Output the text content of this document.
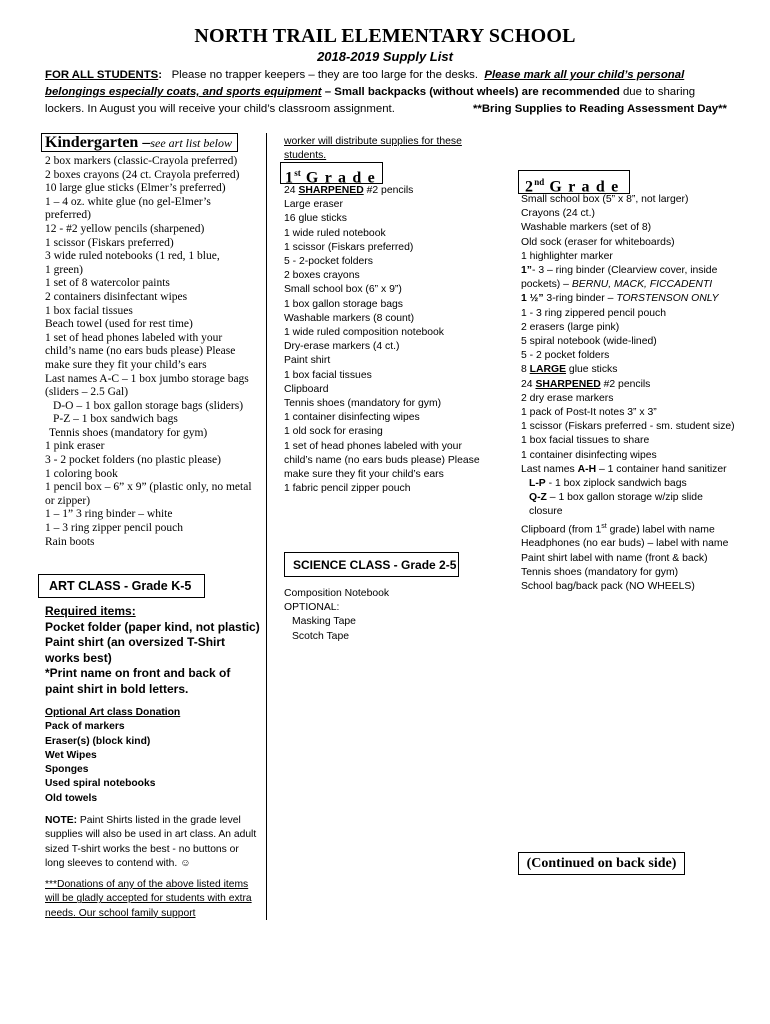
NORTH TRAIL ELEMENTARY SCHOOL
2018-2019 Supply List
FOR ALL STUDENTS:   Please no trapper keepers – they are too large for the desks.  Please mark all your child’s personal belongings especially coats, and sports equipment – Small backpacks (without wheels) are recommended due to sharing lockers. In August you will receive your child’s classroom assignment.	**Bring Supplies to Reading Assessment Day**
Kindergarten –see art list below
2 box markers (classic-Crayola preferred)
2 boxes crayons (24 ct. Crayola preferred)
10 large glue sticks (Elmer’s preferred)
1 – 4 oz. white glue (no gel-Elmer’s
preferred)
12 - #2 yellow pencils (sharpened)
1 scissor (Fiskars preferred)
3 wide ruled notebooks (1 red, 1 blue,
1 green)
1 set of 8 watercolor paints
2 containers disinfectant wipes
1 box facial tissues
Beach towel (used for rest time)
1 set of head phones labeled with your
child’s name (no ears buds please) Please
make sure they fit your child’s ears
Last names A-C – 1 box jumbo storage bags
(sliders – 2.5 Gal)
D-O – 1 box gallon storage bags (sliders)
P-Z – 1 box sandwich bags
Tennis shoes (mandatory for gym)
1 pink eraser
3 - 2 pocket folders (no plastic please)
1 coloring book
1 pencil box – 6” x 9” (plastic only, no metal
or zipper)
1 – 1” 3 ring binder – white
1 – 3 ring zipper pencil pouch
Rain boots
ART CLASS - Grade K-5
Required items:
Pocket folder (paper kind, not plastic)
Paint shirt (an oversized T-Shirt works best)
*Print name on front and back of paint shirt in bold letters.
Optional Art class Donation
Pack of markers
Eraser(s) (block kind)
Wet Wipes
Sponges
Used spiral notebooks
Old towels
NOTE: Paint Shirts listed in the grade level supplies will also be used in art class. An adult sized T-shirt works the best - no buttons or long sleeves to contend with. ☺
***Donations of any of the above listed items will be gladly accepted for students with extra needs. Our school family support
worker will distribute supplies for these students.
1st G r a d e
24 SHARPENED #2 pencils
Large eraser
16 glue sticks
1 wide ruled notebook
1 scissor (Fiskars preferred)
5 - 2-pocket folders
2 boxes crayons
Small school box (6” x 9”)
1 box gallon storage bags
Washable markers (8 count)
1 wide ruled composition notebook
Dry-erase markers (4 ct.)
Paint shirt
1 box facial tissues
Clipboard
Tennis shoes (mandatory for gym)
1 container disinfecting wipes
1 old sock for erasing
1 set of head phones labeled with your child’s name (no ears buds please) Please make sure they fit your child’s ears
1 fabric pencil zipper pouch
SCIENCE CLASS - Grade 2-5
Composition Notebook
OPTIONAL:
Masking Tape
Scotch Tape
2nd G r a d e
Small school box (5” x 8”, not larger)
Crayons (24 ct.)
Washable markers (set of 8)
Old sock (eraser for whiteboards)
1 highlighter marker
1”- 3 – ring binder (Clearview cover, inside pockets) – BERNU, MACK, FICCADENTI
1 ½” 3-ring binder – TORSTENSON ONLY
1 - 3 ring zippered pencil pouch
2 erasers (large pink)
5 spiral notebook (wide-lined)
5 - 2 pocket folders
8 LARGE glue sticks
24 SHARPENED #2 pencils
2 dry erase markers
1 pack of Post-It notes 3” x 3”
1 scissor (Fiskars preferred - sm. student size)
1 box facial tissues to share
1 container disinfecting wipes
Last names A-H – 1 container hand sanitizer
L-P - 1 box ziplock sandwich bags
Q-Z – 1 box gallon storage w/zip slide closure
Clipboard (from 1st grade) label with name
Headphones (no ear buds) – label with name
Paint shirt label with name (front & back)
Tennis shoes (mandatory for gym)
School bag/back pack (NO WHEELS)
(Continued on back side)
